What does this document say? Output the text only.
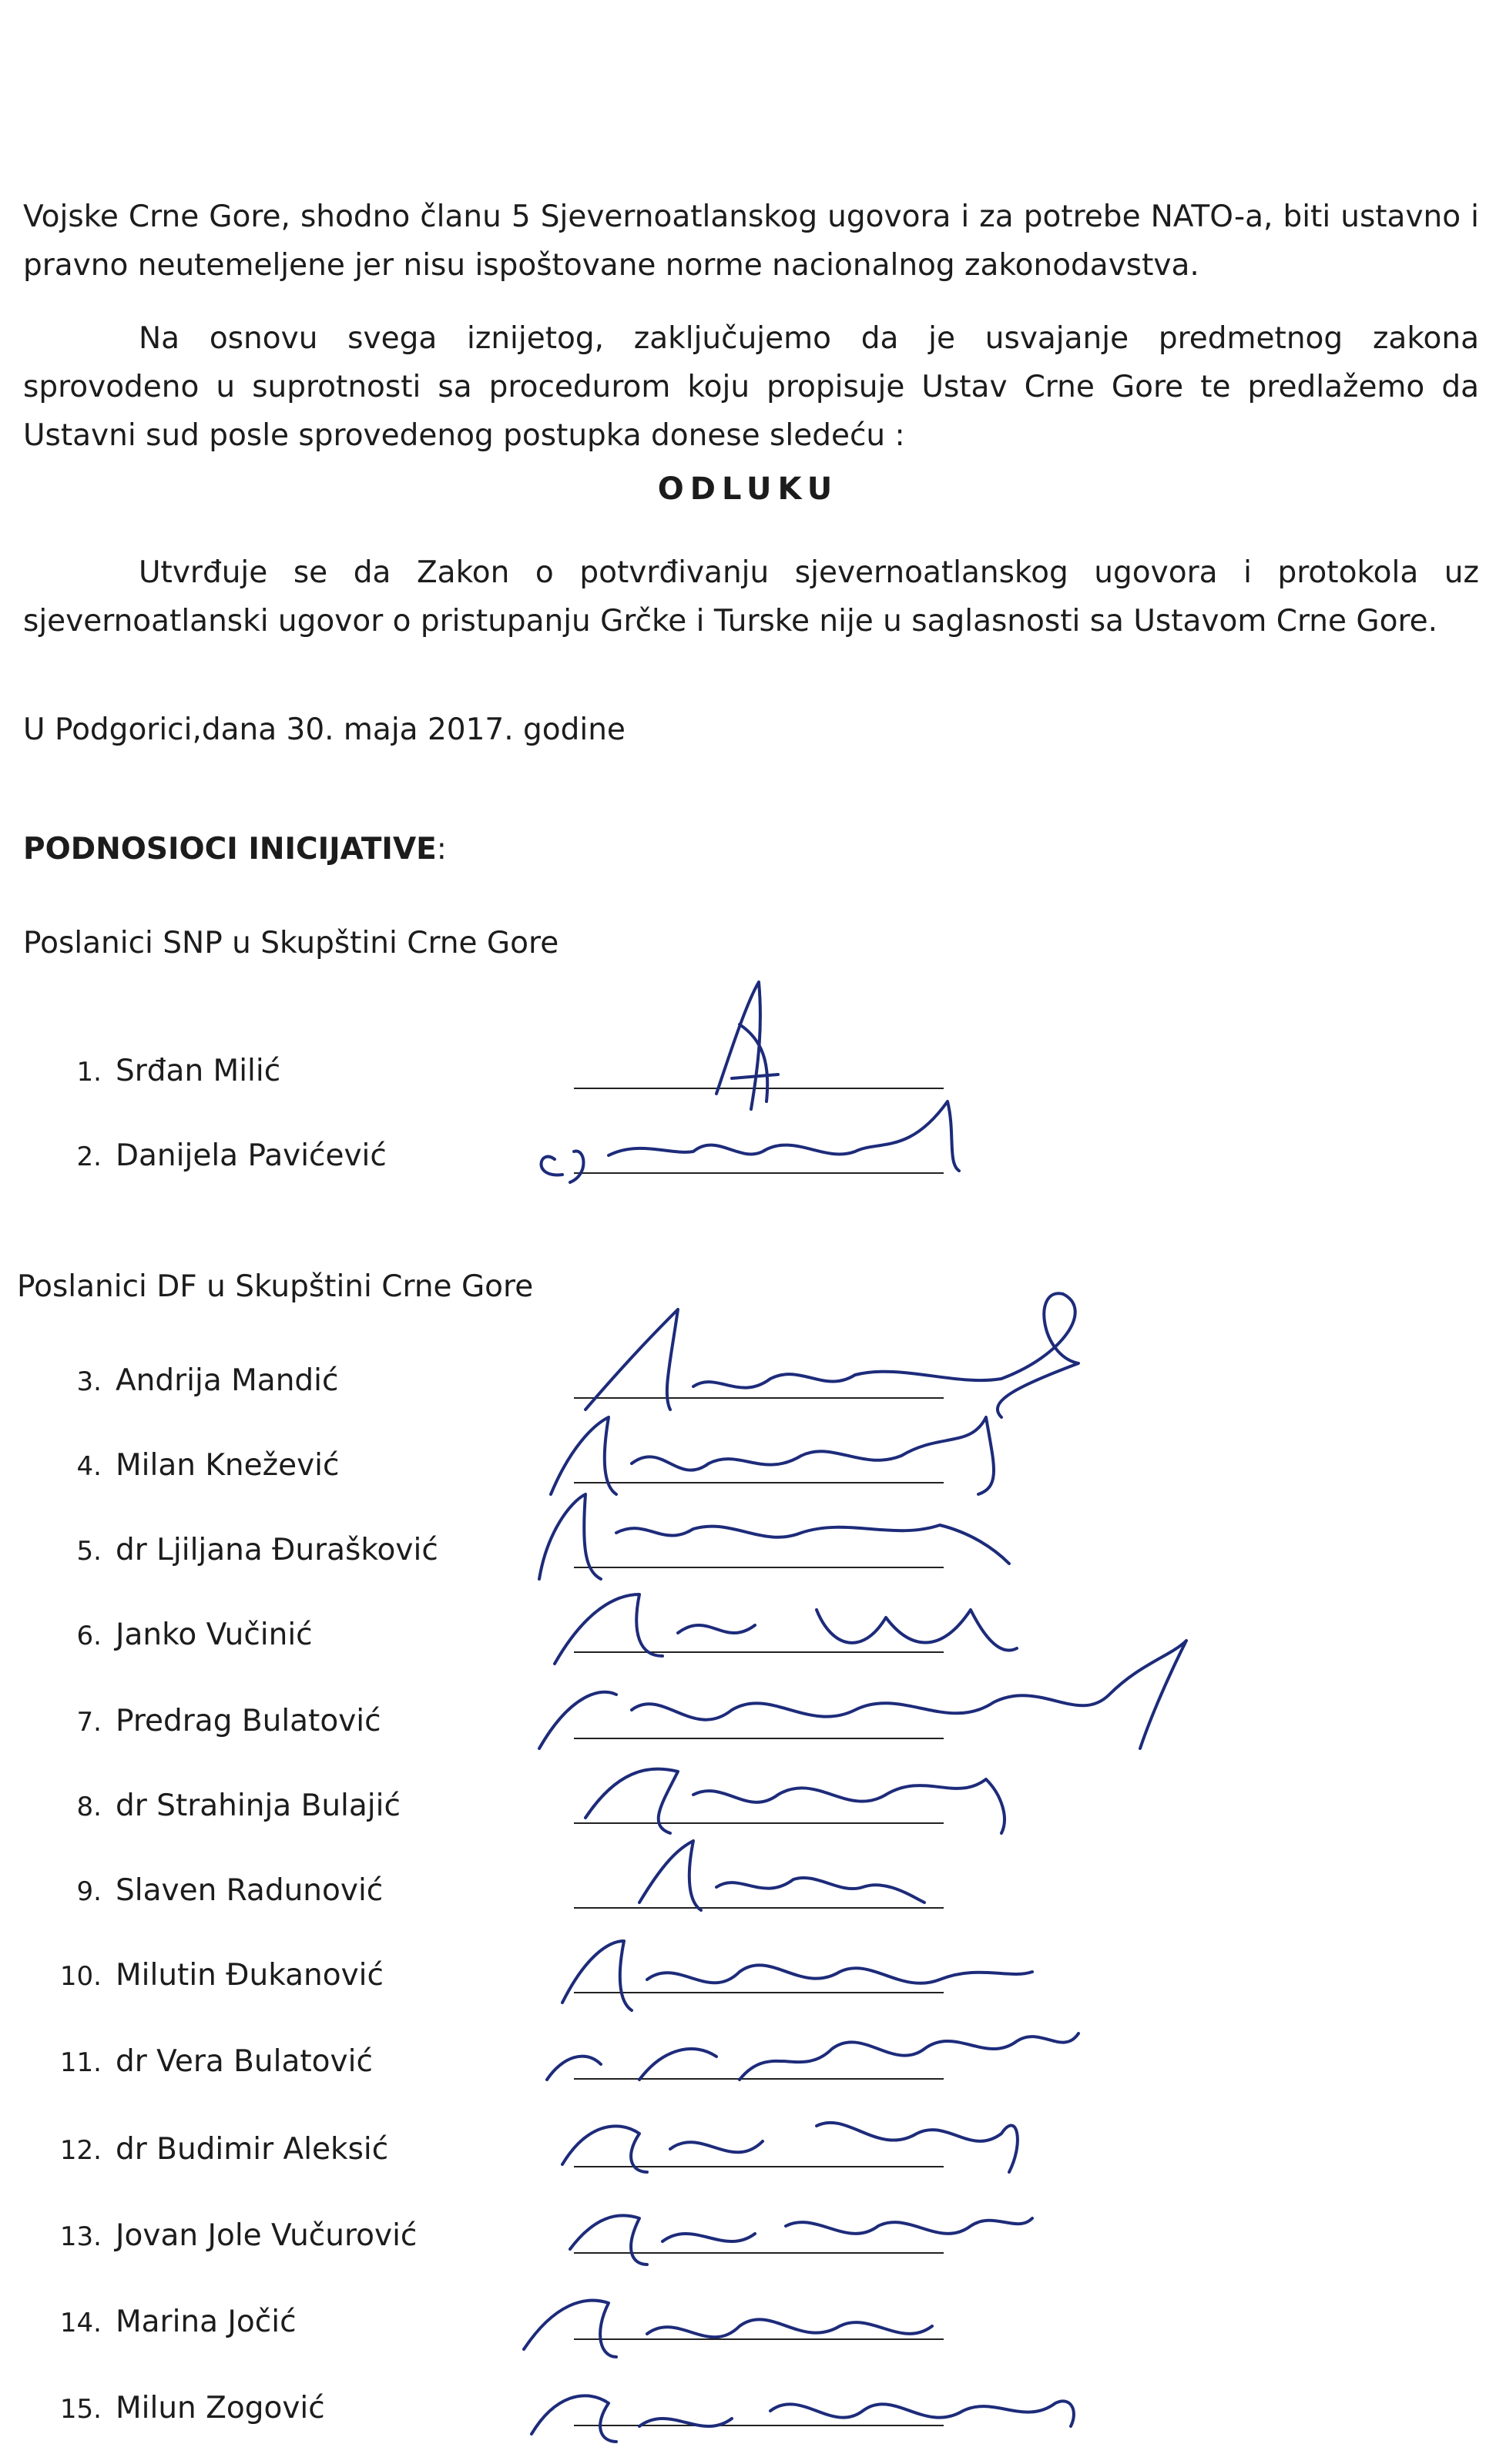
Vojske Crne Gore, shodno članu 5 Sjevernoatlanskog ugovora i za potrebe NATO-a, biti ustavno i pravno neutemeljene jer nisu ispoštovane norme nacionalnog zakonodavstva.

Na osnovu svega iznijetog, zaključujemo da je usvajanje predmetnog zakona sprovodeno u suprotnosti sa procedurom koju propisuje Ustav Crne Gore te predlažemo da Ustavni sud posle sprovedenog postupka donese sledeću :

ODLUKU

Utvrđuje se da Zakon o potvrđivanju sjevernoatlanskog ugovora i protokola uz sjevernoatlanski ugovor o pristupanju Grčke i Turske nije u saglasnosti sa Ustavom Crne Gore.

U Podgorici,dana 30. maja 2017. godine

PODNOSIOCI INICIJATIVE:

Poslanici SNP u Skupštini Crne Gore

1. Srđan Milić
2. Danijela Pavićević

Poslanici DF u Skupštini Crne Gore

3. Andrija Mandić
4. Milan Knežević
5. dr Ljiljana Đurašković
6. Janko Vučinić
7. Predrag Bulatović
8. dr Strahinja Bulajić
9. Slaven Radunović
10. Milutin Đukanović
11. dr Vera Bulatović
12. dr Budimir Aleksić
13. Jovan Jole Vučurović
14. Marina Jočić
15. Milun Zogović
